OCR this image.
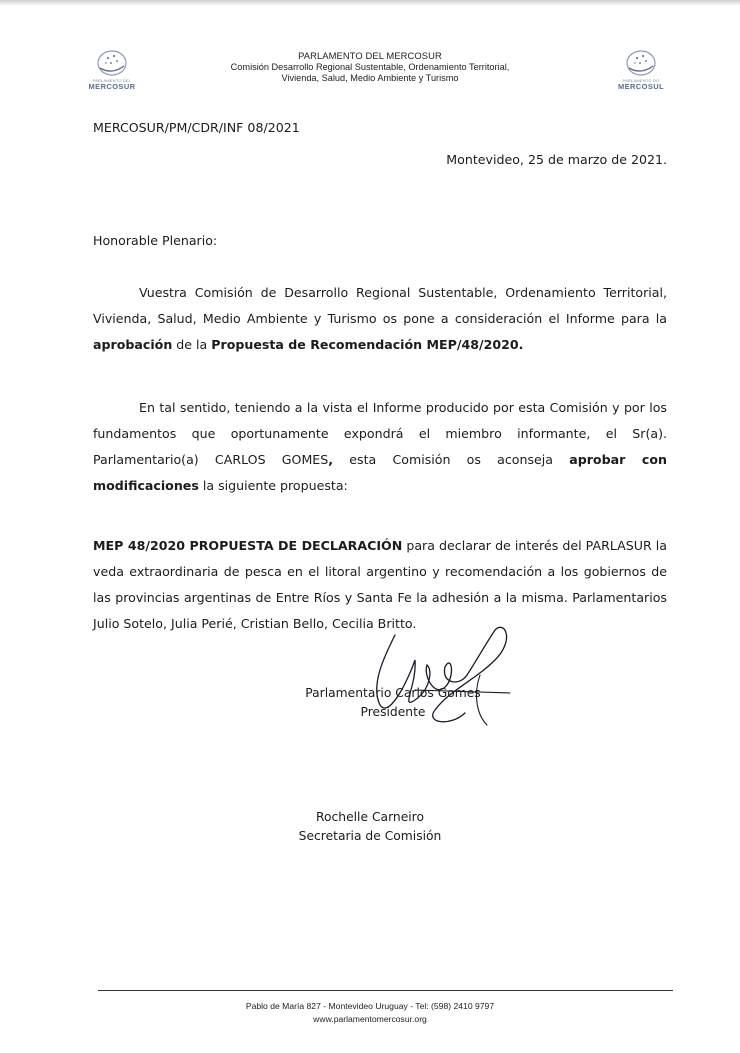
PARLAMENTO DEL
MERCOSUR
PARLAMENTO DO
MERCOSUL
PARLAMENTO DEL MERCOSUR
Comisión Desarrollo Regional Sustentable, Ordenamiento Territorial,
Vivienda, Salud, Medio Ambiente y Turismo
MERCOSUR/PM/CDR/INF 08/2021
Montevideo, 25 de marzo de 2021.
Honorable Plenario:
Vuestra Comisión de Desarrollo Regional Sustentable, Ordenamiento Territorial, Vivienda, Salud, Medio Ambiente y Turismo os pone a consideración el Informe para la aprobación de la Propuesta de Recomendación MEP/48/2020.
En tal sentido, teniendo a la vista el Informe producido por esta Comisión y por los fundamentos que oportunamente expondrá el miembro informante, el Sr(a). Parlamentario(a) CARLOS GOMES, esta Comisión os aconseja aprobar con modificaciones la siguiente propuesta:
MEP 48/2020 PROPUESTA DE DECLARACIÓN para declarar de interés del PARLASUR la veda extraordinaria de pesca en el litoral argentino y recomendación a los gobiernos de las provincias argentinas de Entre Ríos y Santa Fe la adhesión a la misma. Parlamentarios Julio Sotelo, Julia Perié, Cristian Bello, Cecilia Britto.
Parlamentario Carlos Gomes
Presidente
Rochelle Carneiro
Secretaria de Comisión
Pablo de María 827 - Montevideo Uruguay - Tel: (598) 2410 9797
www.parlamentomercosur.org
